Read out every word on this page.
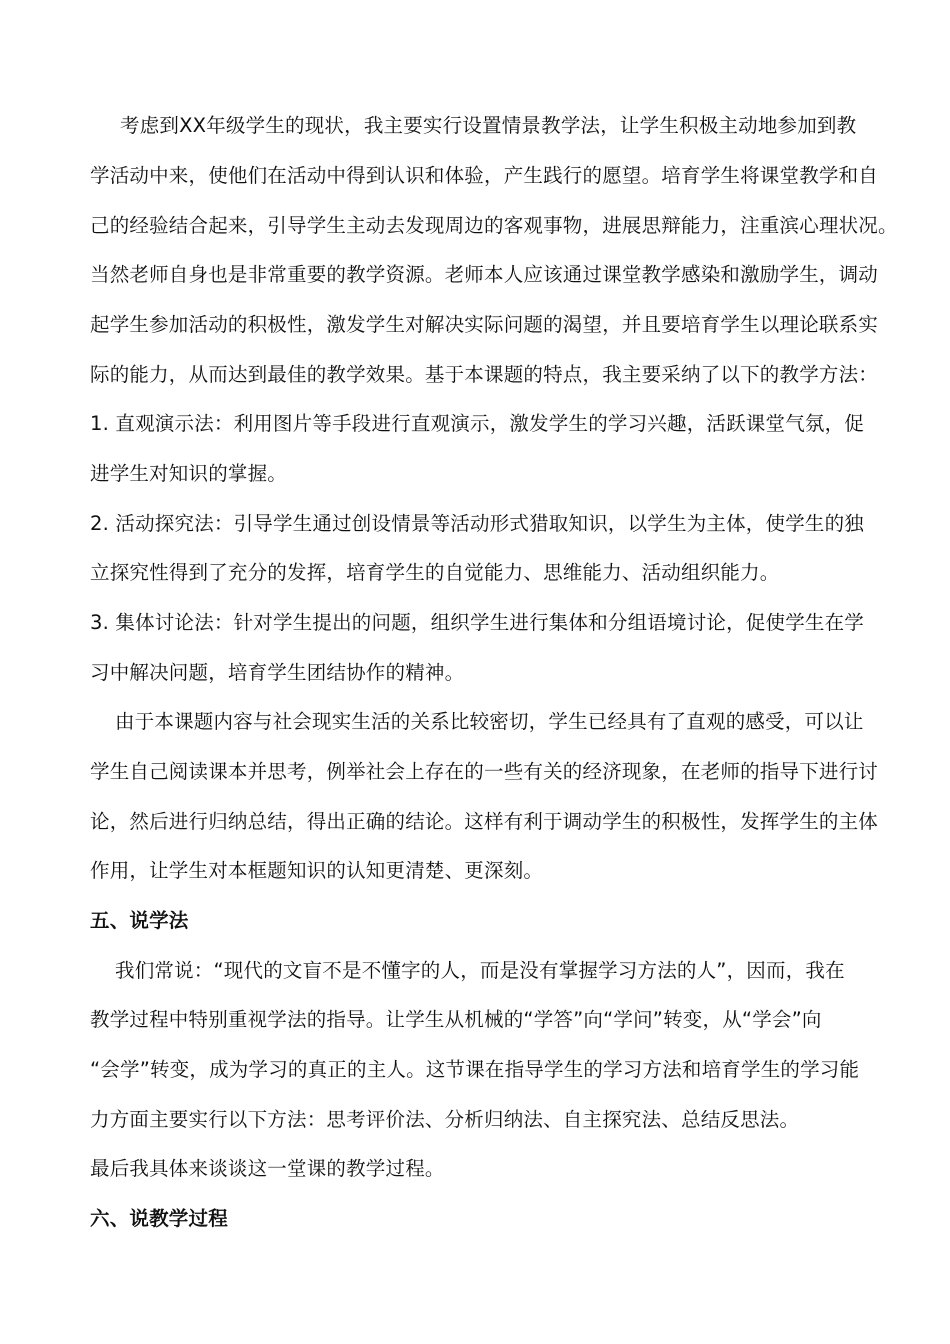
考虑到XX年级学生的现状，我主要实行设置情景教学法，让学生积极主动地参加到教
学活动中来，使他们在活动中得到认识和体验，产生践行的愿望。培育学生将课堂教学和自
己的经验结合起来，引导学生主动去发现周边的客观事物，进展思辩能力，注重滨心理状况。
当然老师自身也是非常重要的教学资源。老师本人应该通过课堂教学感染和激励学生，调动
起学生参加活动的积极性，激发学生对解决实际问题的渴望，并且要培育学生以理论联系实
际的能力，从而达到最佳的教学效果。基于本课题的特点，我主要采纳了以下的教学方法：
1. 直观演示法：利用图片等手段进行直观演示，激发学生的学习兴趣，活跃课堂气氛，促
进学生对知识的掌握。
2. 活动探究法：引导学生通过创设情景等活动形式猎取知识，以学生为主体，使学生的独
立探究性得到了充分的发挥，培育学生的自觉能力、思维能力、活动组织能力。
3. 集体讨论法：针对学生提出的问题，组织学生进行集体和分组语境讨论，促使学生在学
习中解决问题，培育学生团结协作的精神。
由于本课题内容与社会现实生活的关系比较密切，学生已经具有了直观的感受，可以让
学生自己阅读课本并思考，例举社会上存在的一些有关的经济现象，在老师的指导下进行讨
论，然后进行归纳总结，得出正确的结论。这样有利于调动学生的积极性，发挥学生的主体
作用，让学生对本框题知识的认知更清楚、更深刻。
五、说学法
我们常说：“现代的文盲不是不懂字的人，而是没有掌握学习方法的人”，因而，我在
教学过程中特别重视学法的指导。让学生从机械的“学答”向“学问”转变，从“学会”向
“会学”转变，成为学习的真正的主人。这节课在指导学生的学习方法和培育学生的学习能
力方面主要实行以下方法：思考评价法、分析归纳法、自主探究法、总结反思法。
最后我具体来谈谈这一堂课的教学过程。
六、说教学过程
